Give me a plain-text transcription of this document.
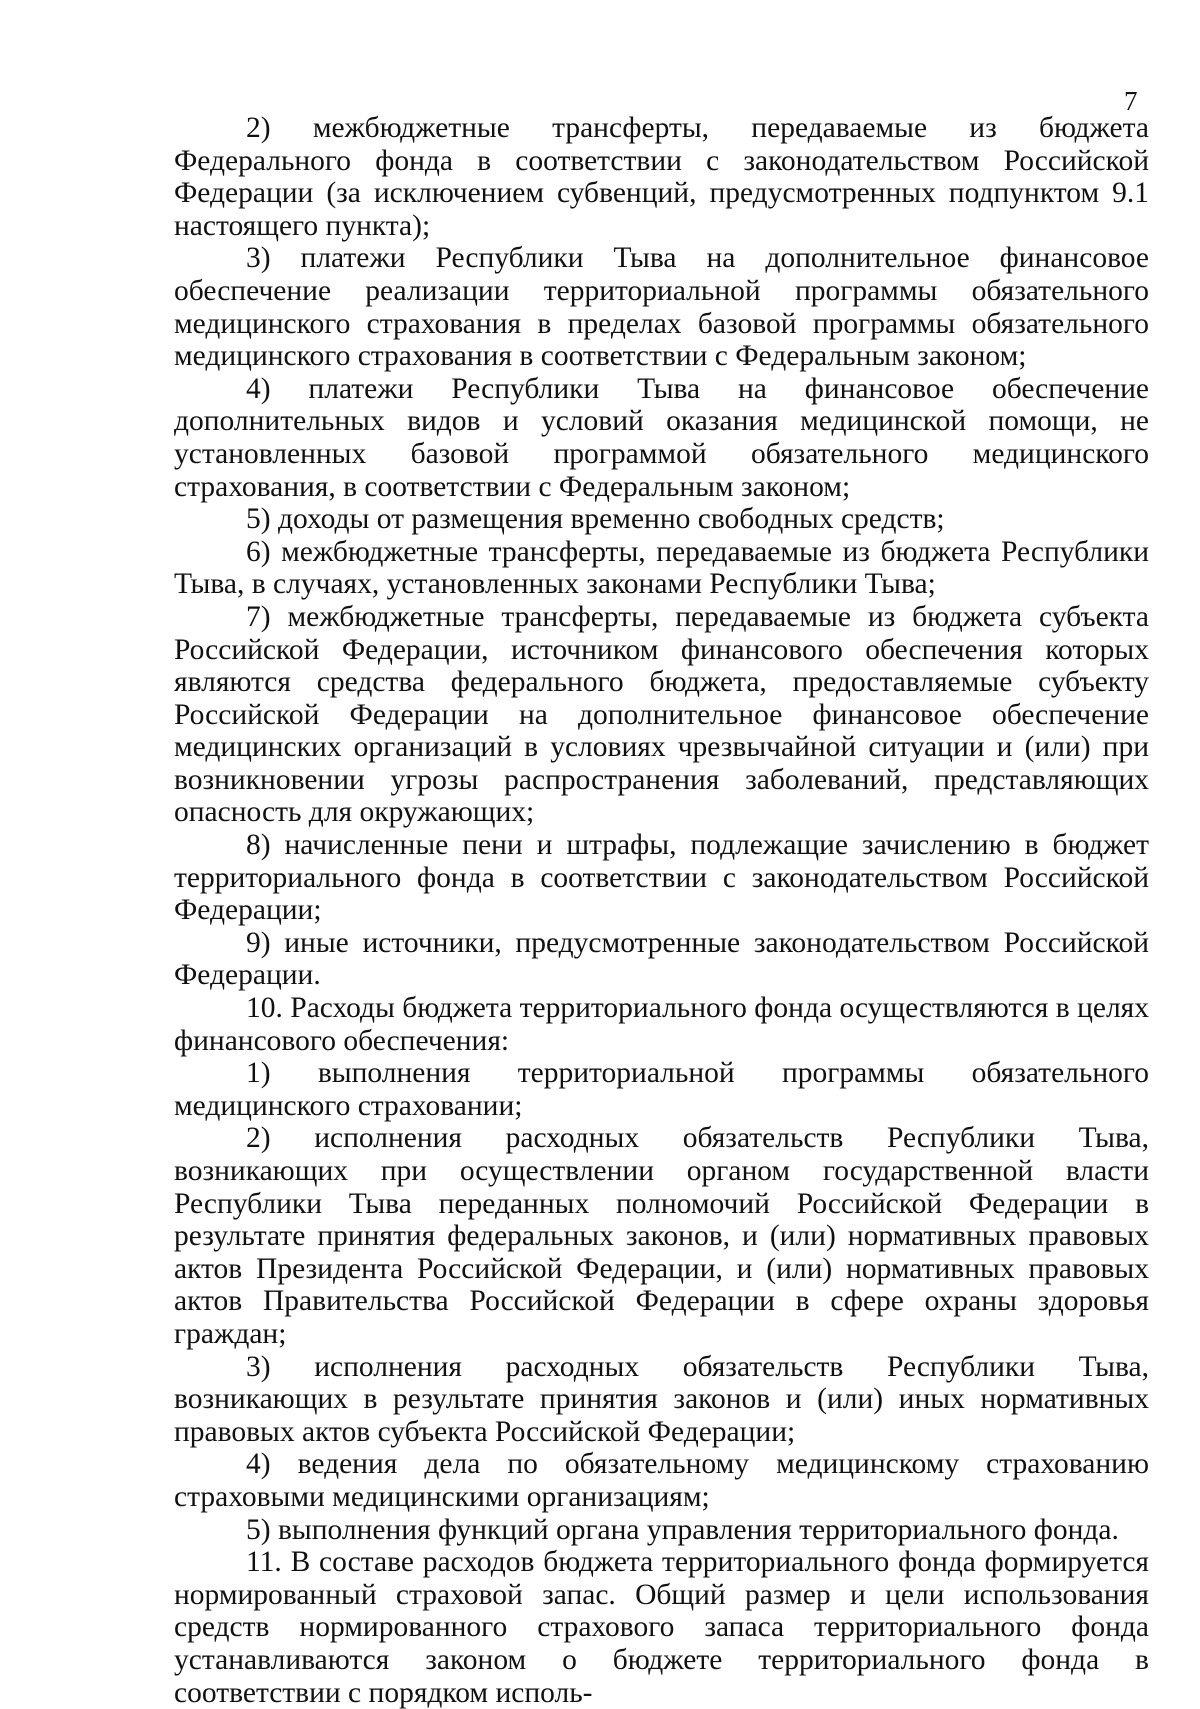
7

2) межбюджетные трансферты, передаваемые из бюджета Федерального фонда в соответствии с законодательством Российской Федерации (за исключением субвенций, предусмотренных подпунктом 9.1 настоящего пункта);

3) платежи Республики Тыва на дополнительное финансовое обеспечение реализации территориальной программы обязательного медицинского страхования в пределах базовой программы обязательного медицинского страхования в соответствии с Федеральным законом;

4) платежи Республики Тыва на финансовое обеспечение дополнительных видов и условий оказания медицинской помощи, не установленных базовой программой обязательного медицинского страхования, в соответствии с Федеральным законом;

5) доходы от размещения временно свободных средств;

6) межбюджетные трансферты, передаваемые из бюджета Республики Тыва, в случаях, установленных законами Республики Тыва;

7) межбюджетные трансферты, передаваемые из бюджета субъекта Российской Федерации, источником финансового обеспечения которых являются средства федерального бюджета, предоставляемые субъекту Российской Федерации на дополнительное финансовое обеспечение медицинских организаций в условиях чрезвычайной ситуации и (или) при возникновении угрозы распространения заболеваний, представляющих опасность для окружающих;

8) начисленные пени и штрафы, подлежащие зачислению в бюджет территориального фонда в соответствии с законодательством Российской Федерации;

9) иные источники, предусмотренные законодательством Российской Федерации.

10. Расходы бюджета территориального фонда осуществляются в целях финансового обеспечения:

1) выполнения территориальной программы обязательного медицинского страховании;

2) исполнения расходных обязательств Республики Тыва, возникающих при осуществлении органом государственной власти Республики Тыва переданных полномочий Российской Федерации в результате принятия федеральных законов, и (или) нормативных правовых актов Президента Российской Федерации, и (или) нормативных правовых актов Правительства Российской Федерации в сфере охраны здоровья граждан;

3) исполнения расходных обязательств Республики Тыва, возникающих в результате принятия законов и (или) иных нормативных правовых актов субъекта Российской Федерации;

4) ведения дела по обязательному медицинскому страхованию страховыми медицинскими организациям;

5) выполнения функций органа управления территориального фонда.

11. В составе расходов бюджета территориального фонда формируется нормированный страховой запас. Общий размер и цели использования средств нормированного страхового запаса территориального фонда устанавливаются законом о бюджете территориального фонда в соответствии с порядком исполь-
